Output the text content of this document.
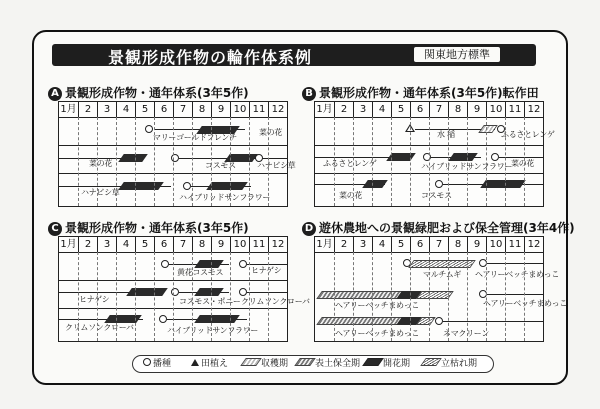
景観形成作物の輪作体系例	関東地方標準
A 景観形成作物・通年体系(3年5作)	B 景観形成作物・通年体系(3年5作)転作田
C 景観形成作物・通年体系(3年5作)	D 遊休農地への景観緑肥および保全管理(3年4作)
1月 2	3	4	5	6	7	8	9 10 11 12
マリーゴールドフレンチ
菜の花
菜の花	コスモス	ハナビシ草
ハナビシ草
ハイブリッドサンフラワー
1月 2	3	4	5	6	7	8	9 10 11 12
水 稲	ふるさとレンゲ
ふるさとレンゲ	ハイブリッドサンフラワー
菜の花
コスモス
菜の花
1月 2	3	4	5	6	7	8	9 10 11 12
黄花コスモス	ヒナゲシ
ヒナゲシ	コスモス・ポニー クリムソンクローバ
クリムソンクローバ	ハイブリッドサンフラワー
1月 2	3	4	5	6	7	8	9 10 11 12
マルチムギ ヘアリーベッチまめっこ
ヘアリーベッチまめっこ	ヘアリーベッチまめっこ
ヘアリーベッチまめっこ	ネマクリーン
播種	田植え	収穫期	表土保全期	開花期	立枯れ期
